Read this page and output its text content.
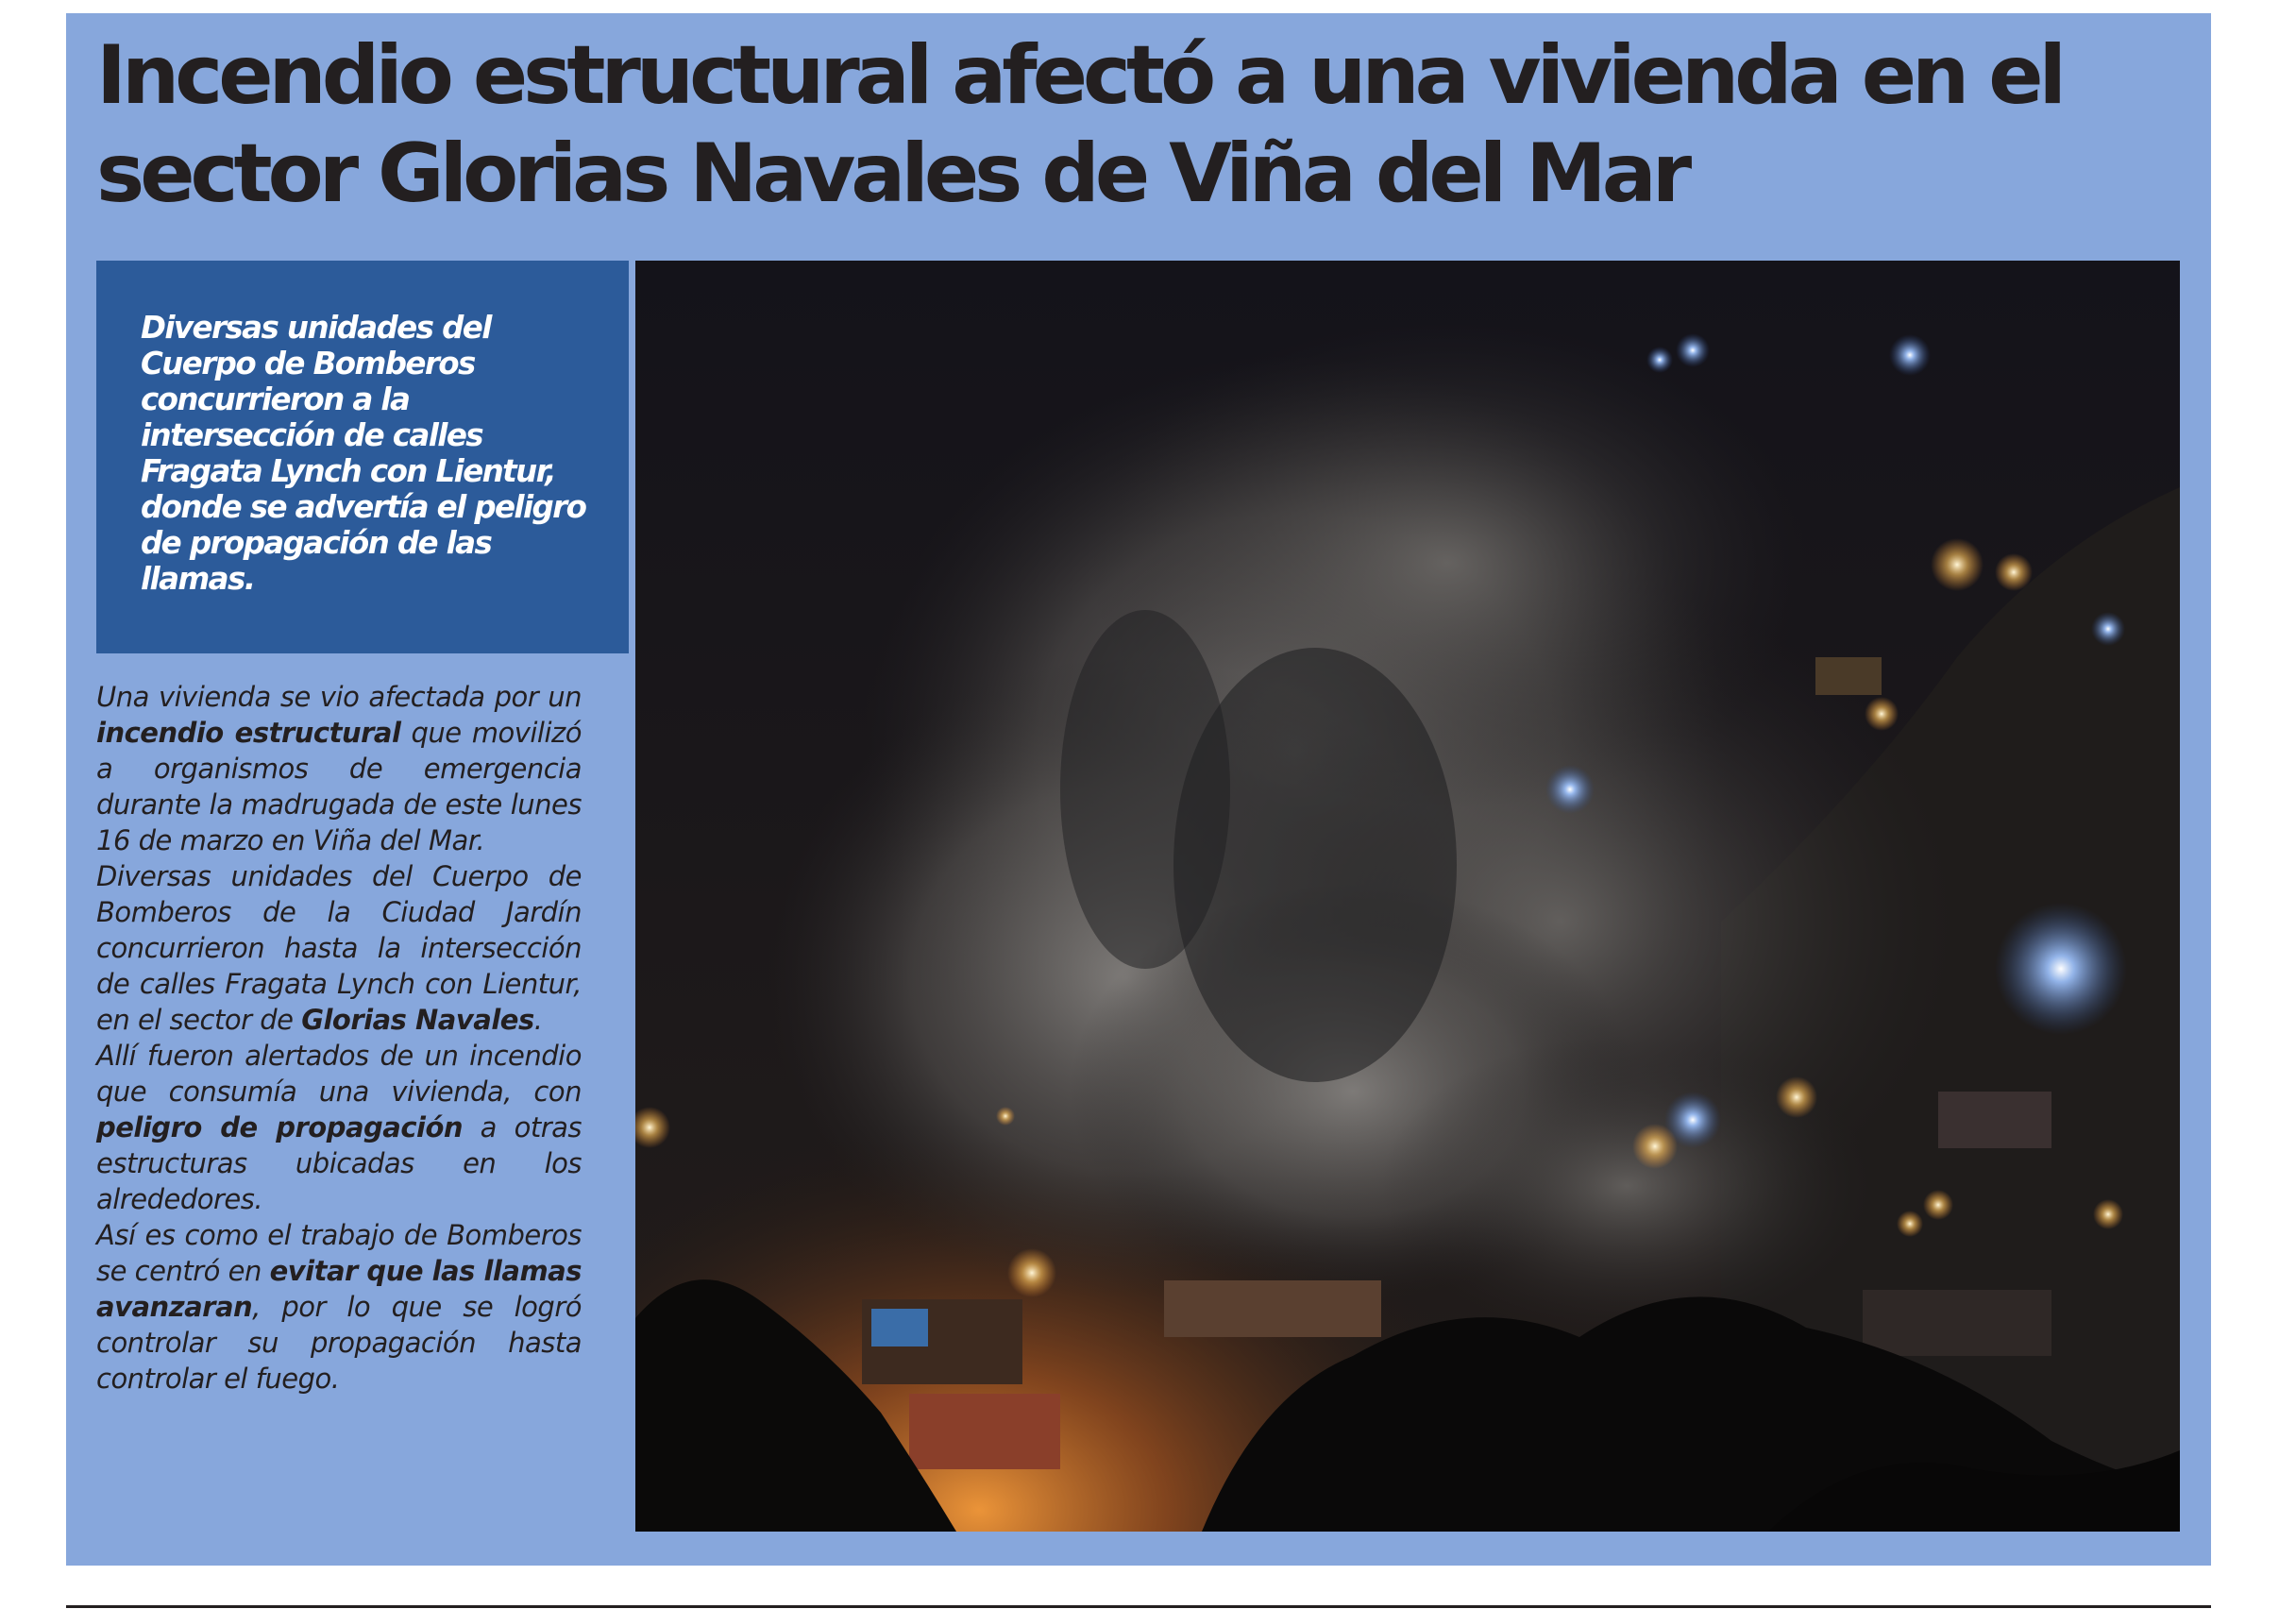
Incendio estructural afectó a una vivienda en el sector Glorias Navales de Viña del Mar
Diversas unidades del Cuerpo de Bomberos concurrieron a la intersección de calles Fragata Lynch con Lientur, donde se advertía el peligro de propagación de las llamas.

Una vivienda se vio afectada por un incendio estructural que movilizó a organismos de emergencia durante la madrugada de este lunes 16 de marzo en Viña del Mar.

Diversas unidades del Cuerpo de Bomberos de la Ciudad Jardín concurrieron hasta la intersección de calles Fragata Lynch con Lientur, en el sector de Glorias Navales.

Allí fueron alertados de un incendio que consumía una vivienda, con peligro de propagación a otras estructuras ubicadas en los alrededores.

Así es como el trabajo de Bomberos se centró en evitar que las llamas avanzaran, por lo que se logró controlar su propagación hasta controlar el fuego.
